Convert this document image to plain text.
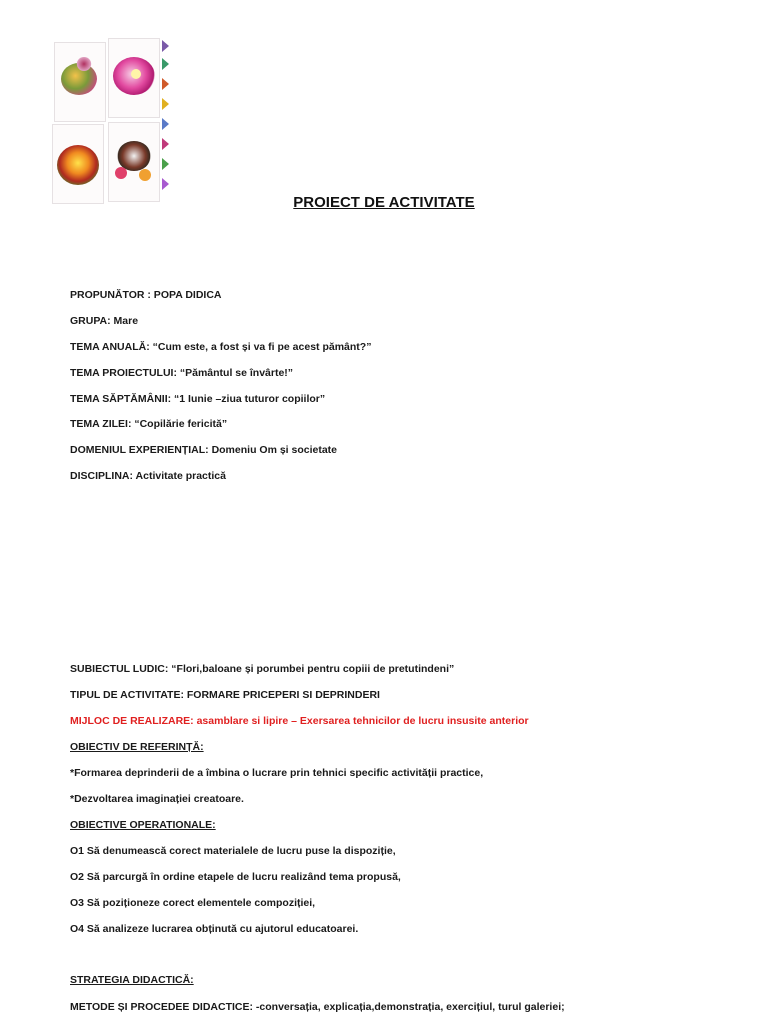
PROIECT DE ACTIVITATE
PROPUNĂTOR : POPA DIDICA
GRUPA: Mare
TEMA ANUALĂ: “Cum este, a fost și va fi pe acest pământ?”
TEMA PROIECTULUI: “Pământul se învârte!”
TEMA SĂPTĂMÂNII: “1 Iunie –ziua tuturor copiilor”
TEMA ZILEI: “Copilărie fericită”
DOMENIUL EXPERIENȚIAL: Domeniu Om și societate
DISCIPLINA: Activitate practică
SUBIECTUL LUDIC: “Flori,baloane și porumbei pentru copiii de pretutindeni”
TIPUL DE ACTIVITATE: FORMARE PRICEPERI SI DEPRINDERI
MIJLOC DE REALIZARE: asamblare si lipire – Exersarea tehnicilor de lucru insusite anterior
OBIECTIV DE REFERINȚĂ:
*Formarea deprinderii de a îmbina o lucrare prin tehnici specific activității practice,
*Dezvoltarea imaginației creatoare.
OBIECTIVE OPERATIONALE:
O1 Să denumească corect materialele de lucru puse la dispoziție,
O2 Să parcurgă în ordine etapele de lucru realizând tema propusă,
O3 Să poziționeze corect elementele compoziției,
O4 Să analizeze lucrarea obținută cu ajutorul educatoarei.
STRATEGIA DIDACTICĂ:
METODE ȘI PROCEDEE DIDACTICE: -conversația, explicația,demonstrația, exercițiul, turul galeriei;
